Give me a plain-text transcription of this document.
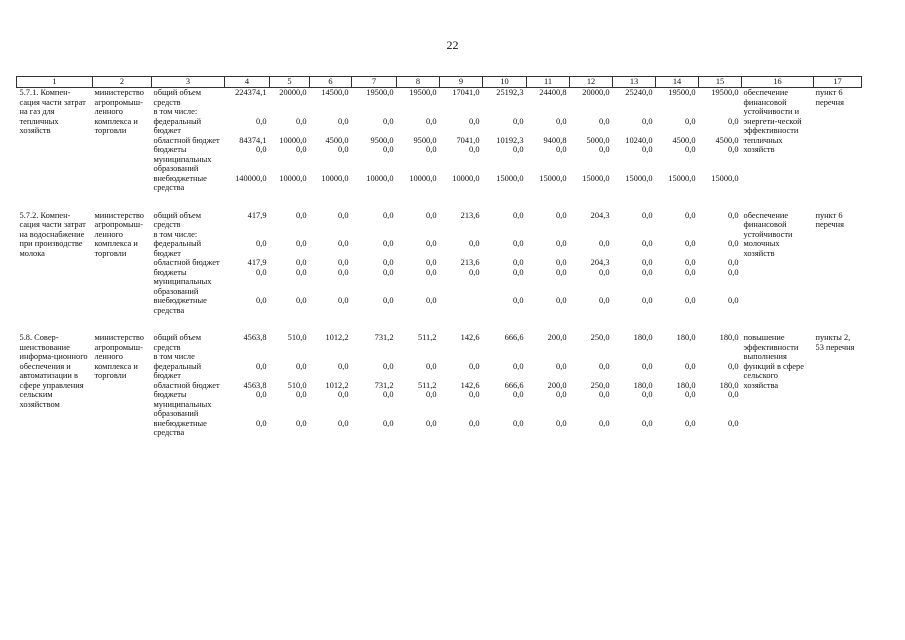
22
1	2	3	4	5	6	7	8	9	10	11	12	13	14	15	16	17
5.7.1. Компен-сация части затрат на газ для тепличных хозяйств	министерство агропромыш-ленного комплекса и торговли	общий объем средств	224374,1	20000,0	14500,0	19500,0	19500,0	17041,0	25192,3	24400,8	20000,0	25240,0	19500,0	19500,0	обеспечение финансовой устойчивости и энергети-ческой эффективности тепличных хозяйств	пункт 6 перечня
		в том числе:														
		федеральный бюджет	0,0	0,0	0,0	0,0	0,0	0,0	0,0	0,0	0,0	0,0	0,0	0,0		
		областной бюджет	84374,1	10000,0	4500,0	9500,0	9500,0	7041,0	10192,3	9400,8	5000,0	10240,0	4500,0	4500,0		
		бюджеты муниципальных образований	0,0	0,0	0,0	0,0	0,0	0,0	0,0	0,0	0,0	0,0	0,0	0,0		
		внебюджетные средства	140000,0	10000,0	10000,0	10000,0	10000,0	10000,0	15000,0	15000,0	15000,0	15000,0	15000,0	15000,0		

5.7.2. Компен-сация части затрат на водоснабжение при производстве молока	министерство агропромыш-ленного комплекса и торговли	общий объем средств	417,9	0,0	0,0	0,0	0,0	213,6	0,0	0,0	204,3	0,0	0,0	0,0	обеспечение финансовой устойчивости молочных хозяйств	пункт 6 перечня
		в том числе:														
		федеральный бюджет	0,0	0,0	0,0	0,0	0,0	0,0	0,0	0,0	0,0	0,0	0,0	0,0		
		областной бюджет	417,9	0,0	0,0	0,0	0,0	213,6	0,0	0,0	204,3	0,0	0,0	0,0		
		бюджеты муниципальных образований	0,0	0,0	0,0	0,0	0,0	0,0	0,0	0,0	0,0	0,0	0,0	0,0		
		внебюджетные средства	0,0	0,0	0,0	0,0	0,0		0,0	0,0	0,0	0,0	0,0	0,0		

5.8. Совер-шенствование информа-ционного обеспечения и автоматизации в сфере управления сельским хозяйством	министерство агропромыш-ленного комплекса и торговли	общий объем средств	4563,8	510,0	1012,2	731,2	511,2	142,6	666,6	200,0	250,0	180,0	180,0	180,0	повышение эффективности выполнения функций в сфере сельского хозяйства	пункты 2, 53 перечня
		в том числе														
		федеральный бюджет	0,0	0,0	0,0	0,0	0,0	0,0	0,0	0,0	0,0	0,0	0,0	0,0		
		областной бюджет	4563,8	510,0	1012,2	731,2	511,2	142,6	666,6	200,0	250,0	180,0	180,0	180,0		
		бюджеты муниципальных образований	0,0	0,0	0,0	0,0	0,0	0,0	0,0	0,0	0,0	0,0	0,0	0,0		
		внебюджетные средства	0,0	0,0	0,0	0,0	0,0	0,0	0,0	0,0	0,0	0,0	0,0	0,0		
